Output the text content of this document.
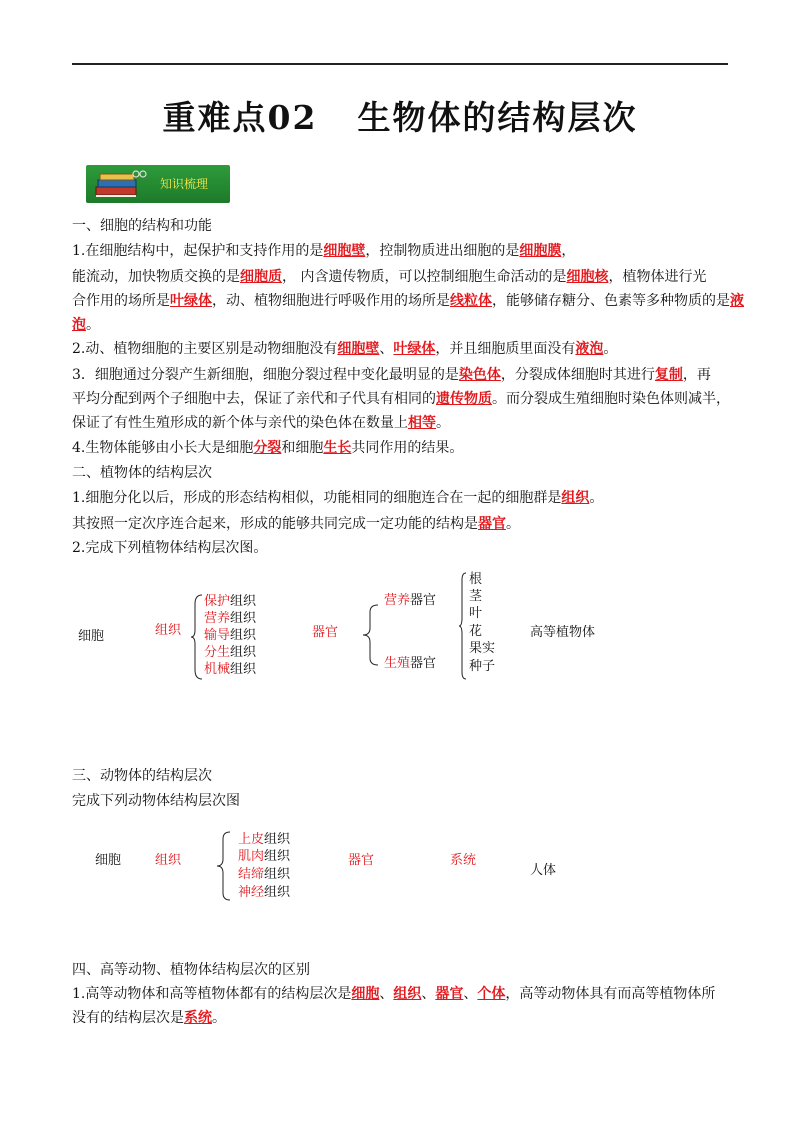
重难点02 生物体的结构层次
知识梳理
一、细胞的结构和功能
1.在细胞结构中，起保护和支持作用的是细胞壁，控制物质进出细胞的是细胞膜，
能流动，加快物质交换的是细胞质， 内含遗传物质，可以控制细胞生命活动的是细胞核，植物体进行光
合作用的场所是叶绿体，动、植物细胞进行呼吸作用的场所是线粒体，能够储存糖分、色素等多种物质的是液
泡。
2.动、植物细胞的主要区别是动物细胞没有细胞壁、叶绿体，并且细胞质里面没有液泡。
3．细胞通过分裂产生新细胞，细胞分裂过程中变化最明显的是染色体，分裂成体细胞时其进行复制，再
平均分配到两个子细胞中去，保证了亲代和子代具有相同的遗传物质。而分裂成生殖细胞时染色体则减半，
保证了有性生殖形成的新个体与亲代的染色体在数量上相等。
4.生物体能够由小长大是细胞分裂和细胞生长共同作用的结果。
二、植物体的结构层次
1.细胞分化以后，形成的形态结构相似，功能相同的细胞连合在一起的细胞群是组织。
其按照一定次序连合起来，形成的能够共同完成一定功能的结构是器官。
2.完成下列植物体结构层次图。
细胞	组织
保护组织
营养组织
输导组织
分生组织
机械组织
器官
营养器官
生殖器官
根
茎
叶
花
果实
种子
高等植物体
三、动物体的结构层次
完成下列动物体结构层次图
细胞	组织
上皮组织
肌肉组织
结缔组织
神经组织
器官	系统
人体
四、高等动物、植物体结构层次的区别
1.高等动物体和高等植物体都有的结构层次是细胞、组织、器官、个体，高等动物体具有而高等植物体所
没有的结构层次是系统。
